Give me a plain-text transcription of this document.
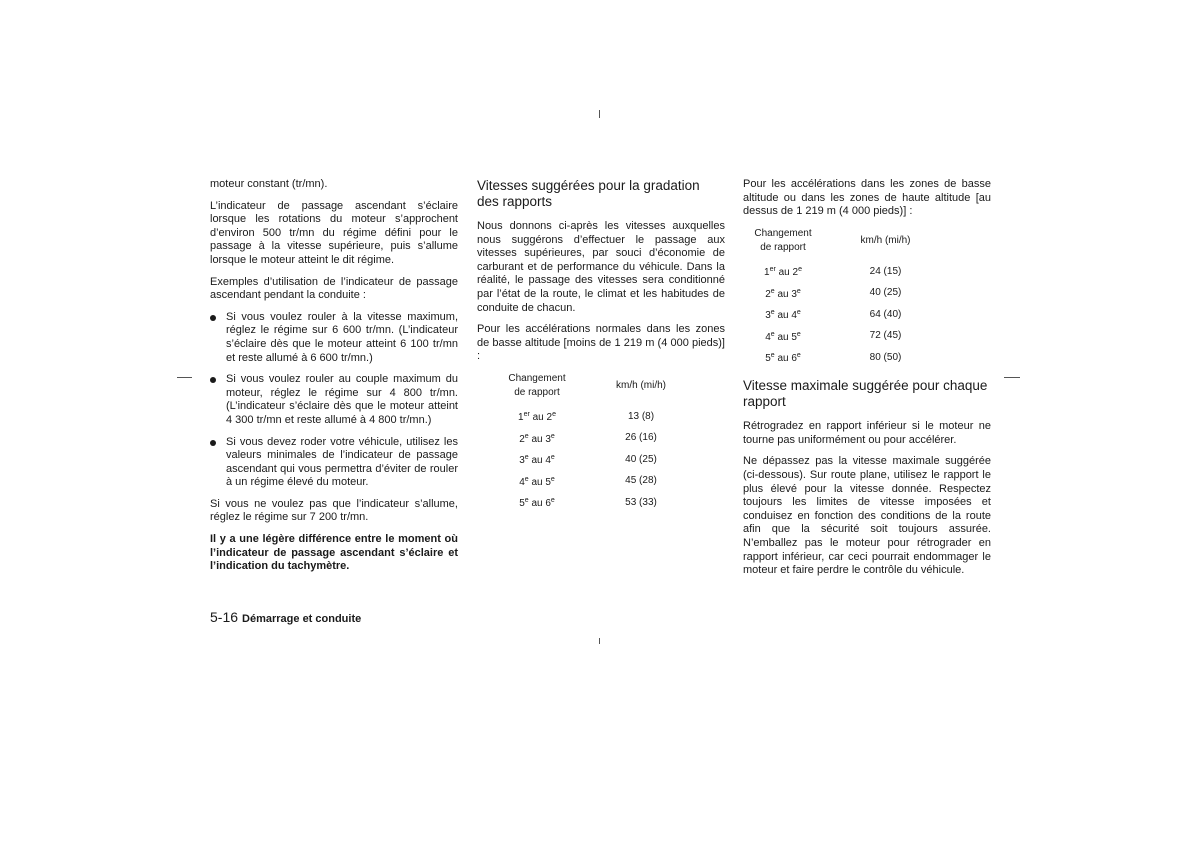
moteur constant (tr/mn).

L’indicateur de passage ascendant s’éclaire lorsque les rotations du moteur s’approchent d’environ 500 tr/mn du régime défini pour le passage à la vitesse supérieure, puis s’allume lorsque le moteur atteint le dit régime.

Exemples d’utilisation de l’indicateur de passage ascendant pendant la conduite :

Si vous voulez rouler à la vitesse maximum, réglez le régime sur 6 600 tr/mn. (L’indicateur s’éclaire dès que le moteur atteint 6 100 tr/mn et reste allumé à 6 600 tr/mn.)
Si vous voulez rouler au couple maximum du moteur, réglez le régime sur 4 800 tr/mn. (L’indicateur s’éclaire dès que le moteur atteint 4 300 tr/mn et reste allumé à 4 800 tr/mn.)
Si vous devez roder votre véhicule, utilisez les valeurs minimales de l’indicateur de passage ascendant qui vous permettra d’éviter de rouler à un régime élevé du moteur.

Si vous ne voulez pas que l’indicateur s’allume, réglez le régime sur 7 200 tr/mn.

Il y a une légère différence entre le moment où l’indicateur de passage ascendant s’éclaire et l’indication du tachymètre.

Vitesses suggérées pour la gradation des rapports

Nous donnons ci-après les vitesses auxquelles nous suggérons d’effectuer le passage aux vitesses supérieures, par souci d’économie de carburant et de performance du véhicule. Dans la réalité, le passage des vitesses sera conditionné par l’état de la route, le climat et les habitudes de conduite de chacun.

Pour les accélérations normales dans les zones de basse altitude [moins de 1 219 m (4 000 pieds)] :

Changement
de rapport	km/h (mi/h)
1er au 2e	13 (8)
2e au 3e	26 (16)
3e au 4e	40 (25)
4e au 5e	45 (28)
5e au 6e	53 (33)

Pour les accélérations dans les zones de basse altitude ou dans les zones de haute altitude [au dessus de 1 219 m (4 000 pieds)] :

Changement
de rapport	km/h (mi/h)
1er au 2e	24 (15)
2e au 3e	40 (25)
3e au 4e	64 (40)
4e au 5e	72 (45)
5e au 6e	80 (50)
Vitesse maximale suggérée pour chaque rapport

Rétrogradez en rapport inférieur si le moteur ne tourne pas uniformément ou pour accélérer.

Ne dépassez pas la vitesse maximale suggérée (ci-dessous). Sur route plane, utilisez le rapport le plus élevé pour la vitesse donnée. Respectez toujours les limites de vitesse imposées et conduisez en fonction des conditions de la route afin que la sécurité soit toujours assurée. N’emballez pas le moteur pour rétrograder en rapport inférieur, car ceci pourrait endommager le moteur et faire perdre le contrôle du véhicule.

5-16 Démarrage et conduite
